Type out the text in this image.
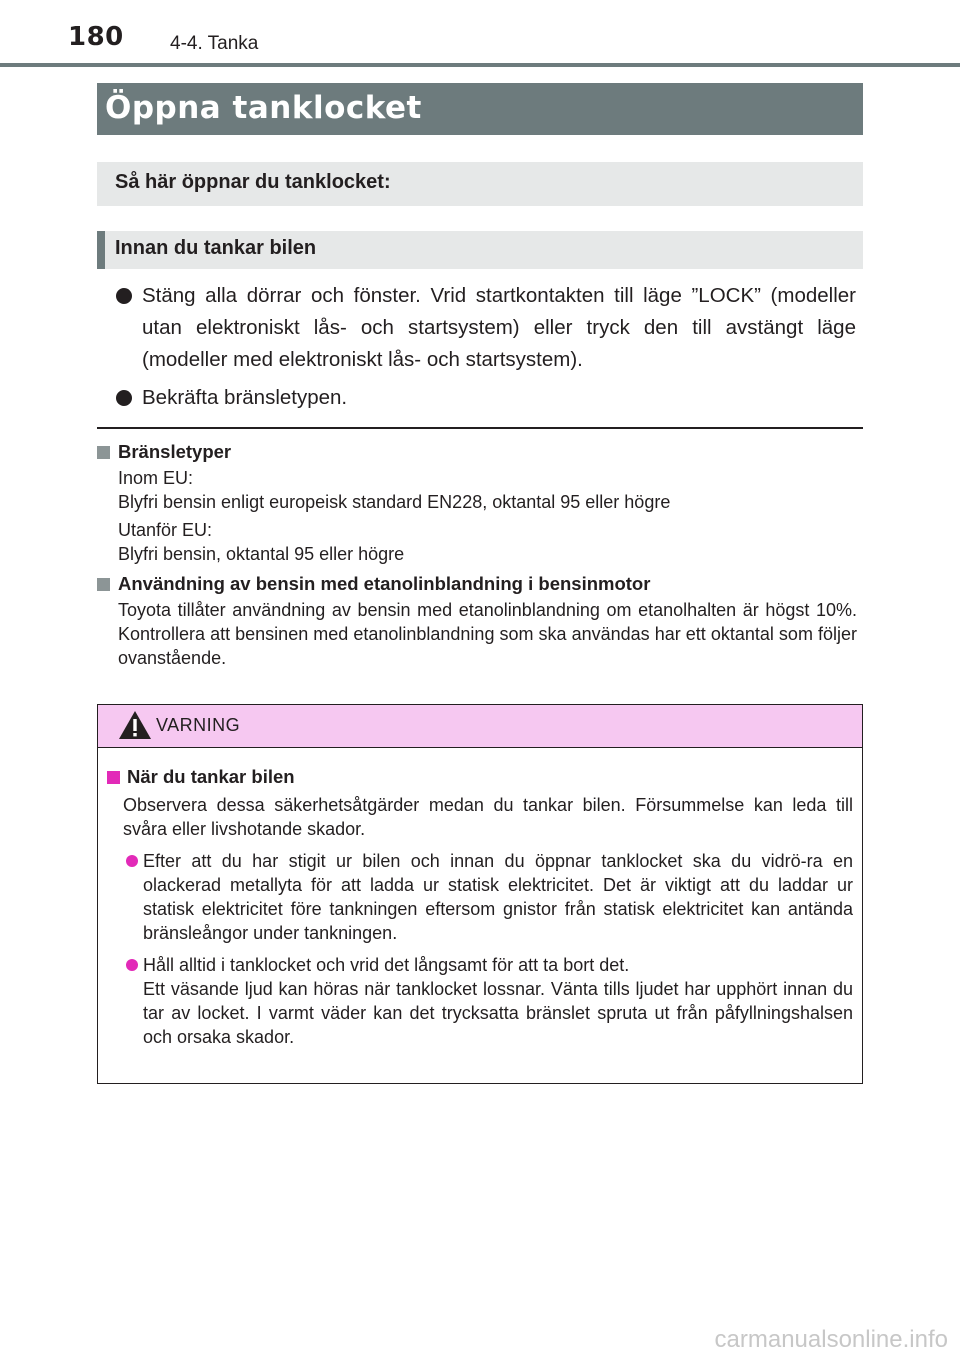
180 4-4. Tanka
Öppna tanklocket
Så här öppnar du tanklocket:
Innan du tankar bilen
Stäng alla dörrar och fönster. Vrid startkontakten till läge ”LOCK” (modeller utan elektroniskt lås- och startsystem) eller tryck den till avstängt läge (modeller med elektroniskt lås- och startsystem).
Bekräfta bränsletypen.
Bränsletyper

Inom EU:
Blyfri bensin enligt europeisk standard EN228, oktantal 95 eller högre

Utanför EU:
Blyfri bensin, oktantal 95 eller högre

Användning av bensin med etanolinblandning i bensinmotor

Toyota tillåter användning av bensin med etanolinblandning om etanolhalten är högst 10%. Kontrollera att bensinen med etanolinblandning som ska användas har ett oktantal som följer ovanstående.

VARNING
När du tankar bilen

Observera dessa säkerhetsåtgärder medan du tankar bilen. Försummelse kan leda till svåra eller livshotande skador.

Efter att du har stigit ur bilen och innan du öppnar tanklocket ska du vidrö-ra en olackerad metallyta för att ladda ur statisk elektricitet. Det är viktigt att du laddar ur statisk elektricitet före tankningen eftersom gnistor från statisk elektricitet kan antända bränsleångor under tankningen.
Håll alltid i tanklocket och vrid det långsamt för att ta bort det.
Ett väsande ljud kan höras när tanklocket lossnar. Vänta tills ljudet har upphört innan du tar av locket. I varmt väder kan det trycksatta bränslet spruta ut från påfyllningshalsen och orsaka skador.
carmanualsonline.info
